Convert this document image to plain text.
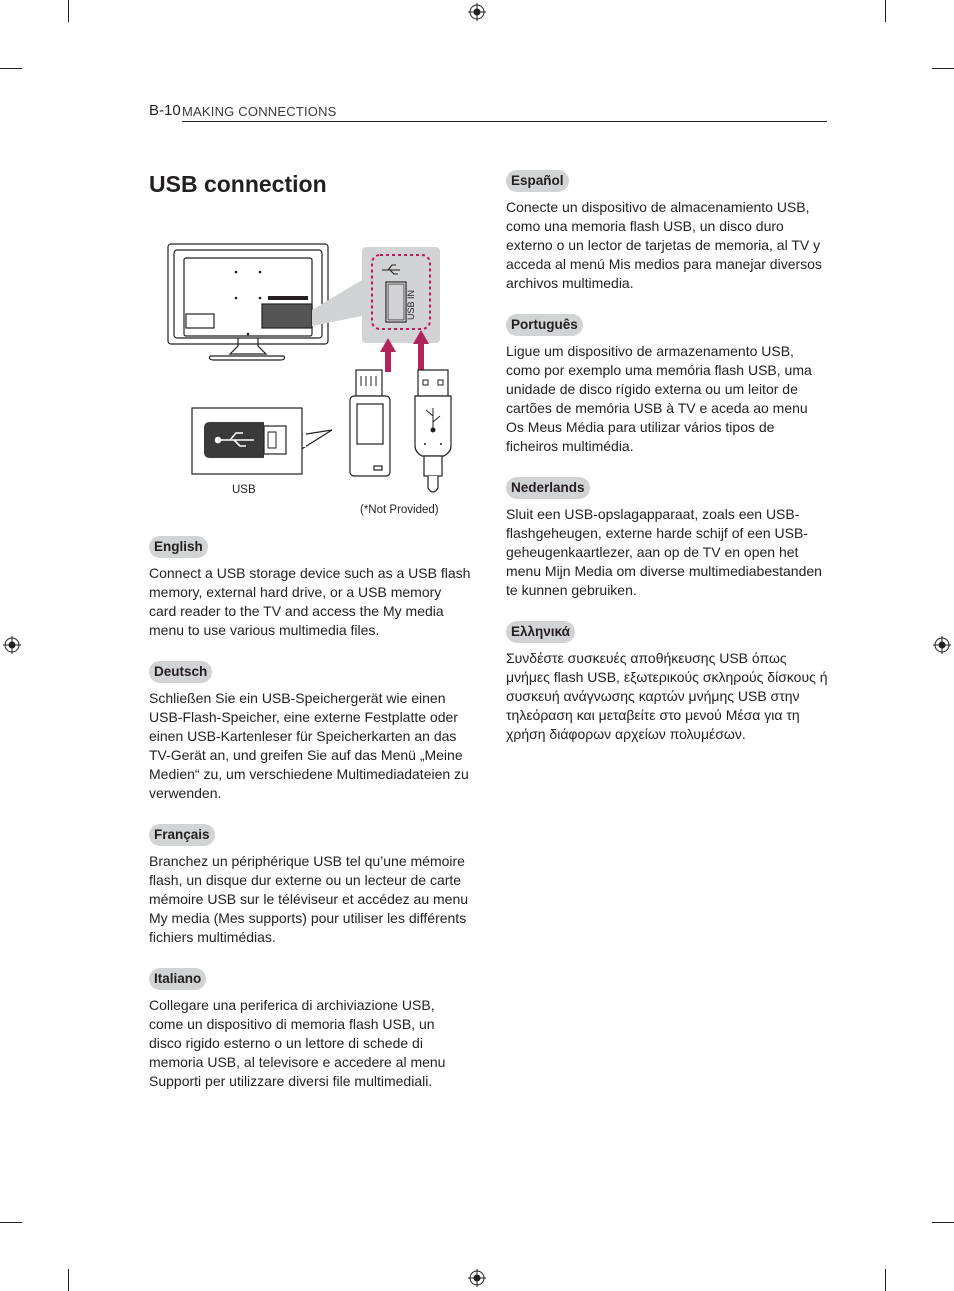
B-10 MAKING CONNECTIONS
USB connection
USB IN
USB
(*Not Provided)
English

Connect a USB storage device such as a USB flash memory, external hard drive, or a USB memory card reader to the TV and access the My media menu to use various multimedia files.

Deutsch

Schließen Sie ein USB-Speichergerät wie einen USB-Flash-Speicher, eine externe Festplatte oder einen USB-Kartenleser für Speicherkarten an das TV-Gerät an, und greifen Sie auf das Menü „Meine Medien“ zu, um verschiedene Multimediadateien zu verwenden.

Français

Branchez un périphérique USB tel qu’une mémoire flash, un disque dur externe ou un lecteur de carte mémoire USB sur le téléviseur et accédez au menu My media (Mes supports) pour utiliser les différents fichiers multimédias.

Italiano

Collegare una periferica di archiviazione USB, come un dispositivo di memoria flash USB, un disco rigido esterno o un lettore di schede di memoria USB, al televisore e accedere al menu Supporti per utilizzare diversi file multimediali.

Español

Conecte un dispositivo de almacenamiento USB, como una memoria flash USB, un disco duro externo o un lector de tarjetas de memoria, al TV y acceda al menú Mis medios para manejar diversos archivos multimedia.

Português

Ligue um dispositivo de armazenamento USB, como por exemplo uma memória flash USB, uma unidade de disco rígido externa ou um leitor de cartões de memória USB à TV e aceda ao menu Os Meus Média para utilizar vários tipos de ficheiros multimédia.

Nederlands

Sluit een USB-opslagapparaat, zoals een USB-flashgeheugen, externe harde schijf of een USB-geheugenkaartlezer, aan op de TV en open het menu Mijn Media om diverse multimediabestanden te kunnen gebruiken.

Ελληνικά

Συνδέστε συσκευές αποθήκευσης USB όπως μνήμες flash USB, εξωτερικούς σκληρούς δίσκους ή συσκευή ανάγνωσης καρτών μνήμης USB στην τηλεόραση και μεταβείτε στο μενού Μέσα για τη χρήση διάφορων αρχείων πολυμέσων.
